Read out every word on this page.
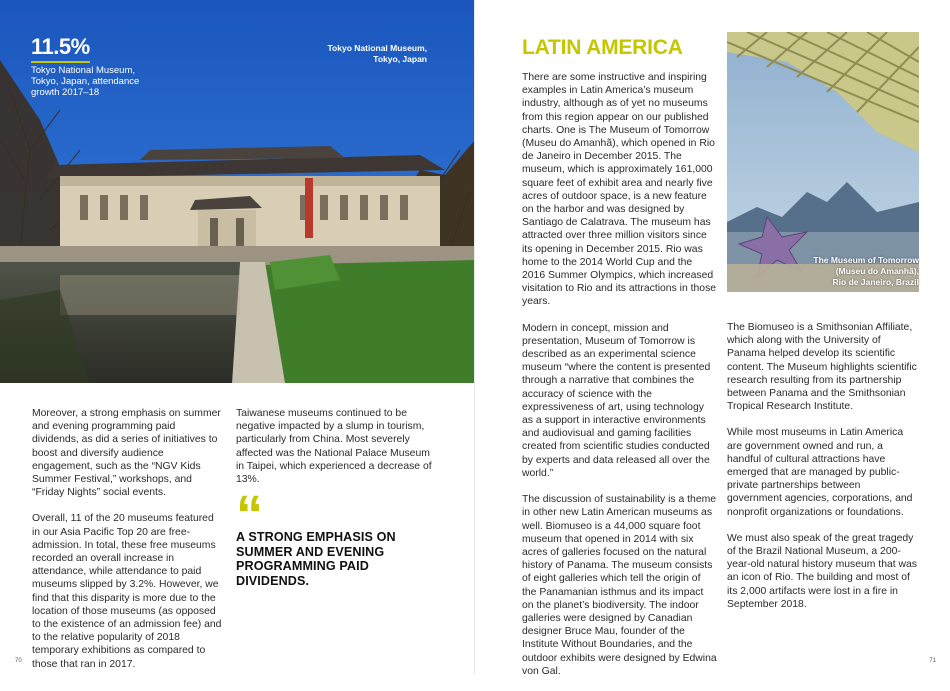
11.5%
Tokyo National Museum, Tokyo, Japan, attendance growth 2017–18
Tokyo National Museum,
Tokyo, Japan

Moreover, a strong emphasis on summer and evening programming paid dividends, as did a series of initiatives to boost and diversify audience engagement, such as the “NGV Kids Summer Festival,” workshops, and “Friday Nights” social events.

Overall, 11 of the 20 museums featured in our Asia Pacific Top 20 are free-admission. In total, these free museums recorded an overall increase in attendance, while attendance to paid museums slipped by 3.2%. However, we find that this disparity is more due to the location of those museums (as opposed to the existence of an admission fee) and to the relative popularity of 2018 temporary exhibitions as compared to those that ran in 2017.

Taiwanese museums continued to be negative impacted by a slump in tourism, particularly from China. Most severely affected was the National Palace Museum in Taipei, which experienced a decrease of 13%.

“
A STRONG EMPHASIS ON SUMMER AND EVENING PROGRAMMING PAID DIVIDENDS.
70
LATIN AMERICA

There are some instructive and inspiring examples in Latin America’s museum industry, although as of yet no museums from this region appear on our published charts. One is The Museum of Tomorrow (Museu do Amanhã), which opened in Rio de Janeiro in December 2015. The museum, which is approximately 161,000 square feet of exhibit area and nearly five acres of outdoor space, is a new feature on the harbor and was designed by Santiago de Calatrava. The museum has attracted over three million visitors since its opening in December 2015. Rio was home to the 2014 World Cup and the 2016 Summer Olympics, which increased visitation to Rio and its attractions in those years.

Modern in concept, mission and presentation, Museum of Tomorrow is described as an experimental science museum “where the content is presented through a narrative that combines the accuracy of science with the expressiveness of art, using technology as a support in interactive environments and audiovisual and gaming facilities created from scientific studies conducted by experts and data released all over the world.”

The discussion of sustainability is a theme in other new Latin American museums as well. Biomuseo is a 44,000 square foot museum that opened in 2014 with six acres of galleries focused on the natural history of Panama. The museum consists of eight galleries which tell the origin of the Panamanian isthmus and its impact on the planet’s biodiversity. The indoor galleries were designed by Canadian designer Bruce Mau, founder of the Institute Without Boundaries, and the outdoor exhibits were designed by Edwina von Gal.

The Museum of Tomorrow
(Museu do Amanhã),
Rio de Janeiro, Brazil

The Biomuseo is a Smithsonian Affiliate, which along with the University of Panama helped develop its scientific content. The Museum highlights scientific research resulting from its partnership between Panama and the Smithsonian Tropical Research Institute.

While most museums in Latin America are government owned and run, a handful of cultural attractions have emerged that are managed by public-private partnerships between government agencies, corporations, and nonprofit organizations or foundations.

We must also speak of the great tragedy of the Brazil National Museum, a 200-year-old natural history museum that was an icon of Rio. The building and most of its 2,000 artifacts were lost in a fire in September 2018.

71
